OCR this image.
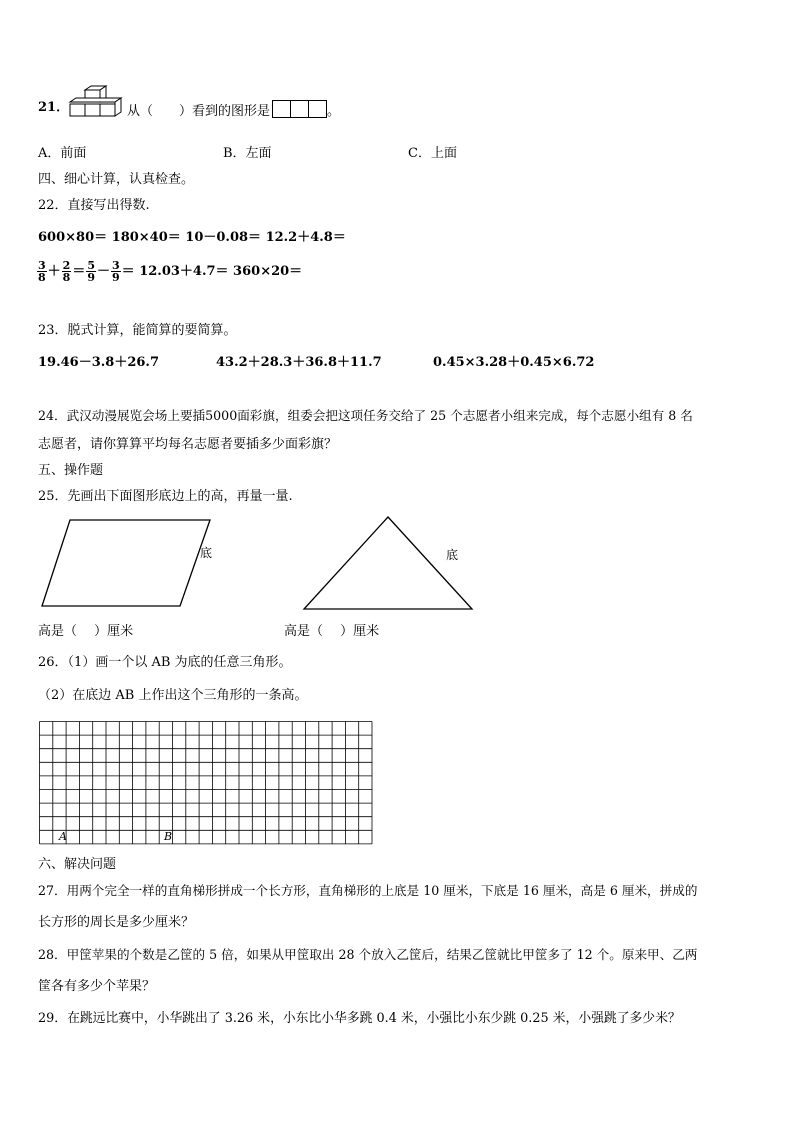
21．	从（　　）看到的图形是	。
A．前面	B．左面	C．上面
四、细心计算，认真检查。
22．直接写出得数.
600×80＝ 180×40＝ 10－0.08＝ 12.2＋4.8＝
$\frac{3}{8} + \frac{2}{8} = \frac{5}{9} - \frac{3}{9} = 12.03+4.7= 360\times 20=$
23．脱式计算，能简算的要简算。
19.46－3.8＋26.7	43.2＋28.3＋36.8＋11.7	0.45×3.28＋0.45×6.72
24．武汉动漫展览会场上要插5000面彩旗，组委会把这项任务交给了 25 个志愿者小组来完成，每个志愿小组有 8 名
志愿者，请你算算平均每名志愿者要插多少面彩旗？
五、操作题
25．先画出下面图形底边上的高，再量一量.
底	底
高是（　 ）厘米	高是（　 ）厘米
26．（1）画一个以 AB 为底的任意三角形。
（2）在底边 AB 上作出这个三角形的一条高。
A	B
六、解决问题
27．用两个完全一样的直角梯形拼成一个长方形，直角梯形的上底是 10 厘米，下底是 16 厘米，高是 6 厘米，拼成的
长方形的周长是多少厘米？
28．甲筐苹果的个数是乙筐的 5 倍，如果从甲筐取出 28 个放入乙筐后，结果乙筐就比甲筐多了 12 个。原来甲、乙两
筐各有多少个苹果？
29．在跳远比赛中，小华跳出了 3.26 米，小东比小华多跳 0.4 米，小强比小东少跳 0.25 米，小强跳了多少米？
